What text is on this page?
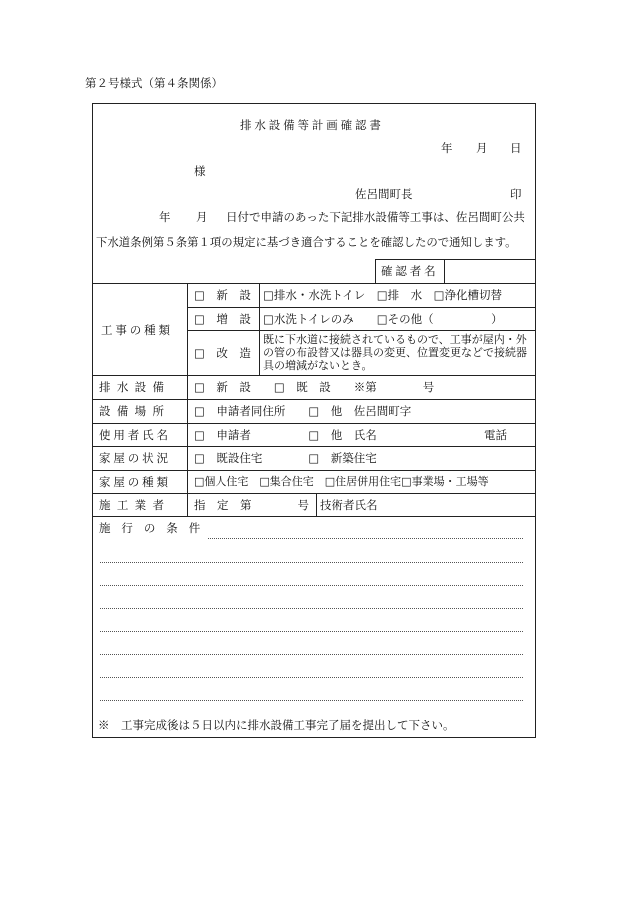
第２号様式（第４条関係）
排水設備等計画確認書
年 月 日
様
佐呂間町長	印
年 月 日付で申請のあった下記排水設備等工事は、佐呂間町公共
下水道条例第５条第１項の規定に基づき適合することを確認したので通知します。
確認者名
工事の種類
□　新　設 □排水・水洗トイレ　□排　水　□浄化槽切替
□　増　設 □水洗トイレのみ　　□その他（　　　　　）
□　改　造
既に下水道に接続されているもので、工事が屋内・外の管の布設替又は器具の変更、位置変更などで接続器具の増減がないとき。
排水設備 □　新　設　　□　既　設　　※第　　　　号
設備場所 □　申請者同住所　　□　他　佐呂間町字
使用者氏名 □　申請者　　　　　□　他　氏名	電話
家屋の状況 □　既設住宅　　　　□　新築住宅
家屋の種類 □個人住宅　□集合住宅　□住居併用住宅□事業場・工場等
施工業者 指　定　第　　　　号 技術者氏名
施行の条件
※　工事完成後は５日以内に排水設備工事完了届を提出して下さい。
